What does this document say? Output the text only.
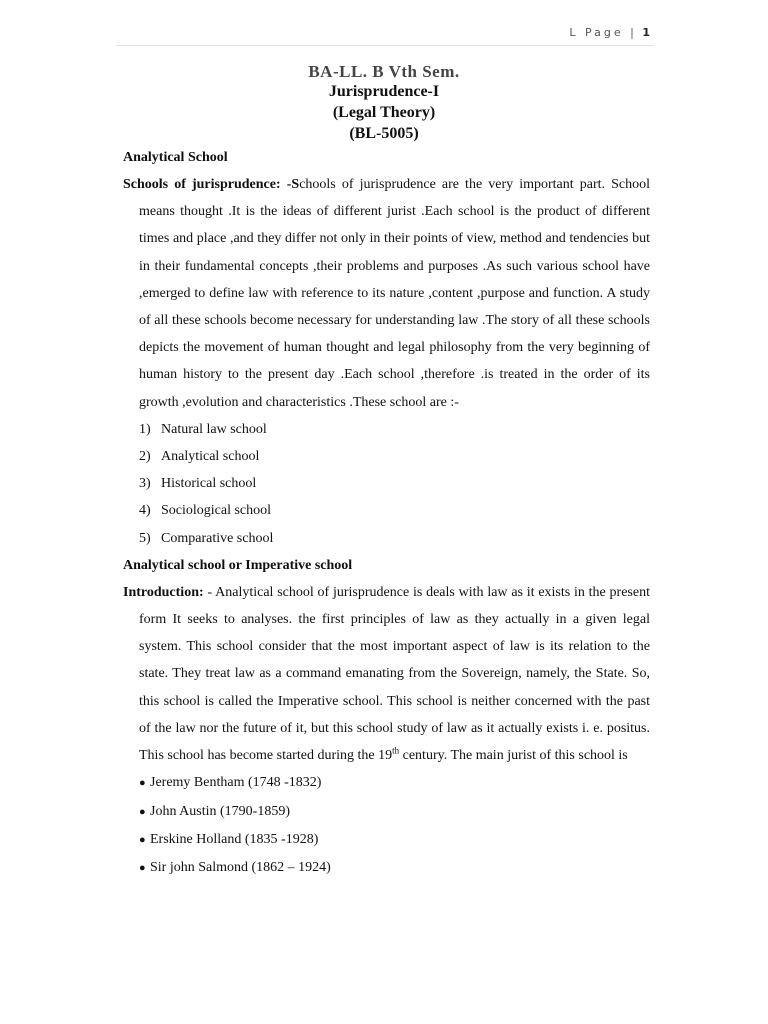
L Page | 1
BA-LL. B Vth Sem.
Jurisprudence-I
(Legal Theory)
(BL-5005)
Analytical School
Schools of jurisprudence: -Schools of jurisprudence are the very important part. School means thought .It is the ideas of different jurist .Each school is the product of different times and place ,and they differ not only in their points of view, method and tendencies but in their fundamental concepts ,their problems and purposes .As such various school have ,emerged to define law with reference to its nature ,content ,purpose and function. A study of all these schools become necessary for understanding law .The story of all these schools depicts the movement of human thought and legal philosophy from the very beginning of human history to the present day .Each school ,therefore .is treated in the order of its growth ,evolution and characteristics .These school are :-
1) Natural law school
2) Analytical school
3) Historical school
4) Sociological school
5) Comparative school
Analytical school or Imperative school
Introduction: - Analytical school of jurisprudence is deals with law as it exists in the present form It seeks to analyses. the first principles of law as they actually in a given legal system. This school consider that the most important aspect of law is its relation to the state. They treat law as a command emanating from the Sovereign, namely, the State. So, this school is called the Imperative school. This school is neither concerned with the past of the law nor the future of it, but this school study of law as it actually exists i. e. positus. This school has become started during the 19th century. The main jurist of this school is
● Jeremy Bentham (1748 -1832)
● John Austin (1790-1859)
● Erskine Holland (1835 -1928)
● Sir john Salmond (1862 – 1924)
